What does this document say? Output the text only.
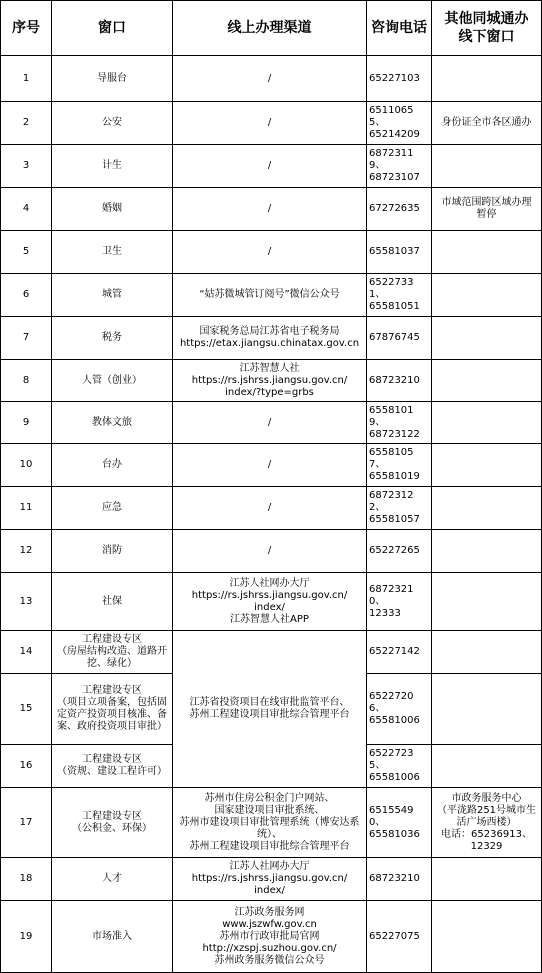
序号	窗口	线上办理渠道	咨询电话	其他同城通办线下窗口
1	导服台	/	65227103	

2	公安	/	65110655、
65214209	身份证全市各区通办

3	计生	/	68723119、
68723107	

4	婚姻	/	67272635	市域范围跨区域办理
暂停

5	卫生	/	65581037	

6	城管	“姑苏微城管订阅号”微信公众号	65227331、
65581051	

7	税务	国家税务总局江苏省电子税务局
https://etax.jiangsu.chinatax.gov.cn	67876745	

8	人管（创业）	江苏智慧人社
https://rs.jshrss.jiangsu.gov.cn/
index/?type=grbs	68723210	

9	教体文旅	/	65581019、
68723122	

10	台办	/	65581057、
65581019	

11	应急	/	68723122、
65581057	

12	消防	/	65227265	

13	社保	江苏人社网办大厅
https://rs.jshrss.jiangsu.gov.cn/
index/
江苏智慧人社APP	68723210、
12333	

14	工程建设专区
（房屋结构改造、道路开
挖、绿化）	江苏省投资项目在线审批监管平台、
苏州工程建设项目审批综合管理平台	65227142	

15	工程建设专区
（项目立项备案，包括固
定资产投资项目核准、备
案、政府投资项目审批）		65227206、
65581006	

16	工程建设专区
（资规、建设工程许可）		65227235、
65581006	

17	工程建设专区
（公积金、环保）	苏州市住房公积金门户网站、
国家建设项目审批系统、
苏州市建设项目审批管理系统（博安达系
统）、
苏州工程建设项目审批综合管理平台	65155490、
65581036	市政务服务中心
（平泷路251号城市生
活广场西楼）
电话：65236913、
12329

18	人才	江苏人社网办大厅
https://rs.jshrss.jiangsu.gov.cn/
index/	68723210	

19	市场准入	江苏政务服务网
www.jszwfw.gov.cn
苏州市行政审批局官网
http://xzspj.suzhou.gov.cn/
苏州政务服务微信公众号	65227075	
